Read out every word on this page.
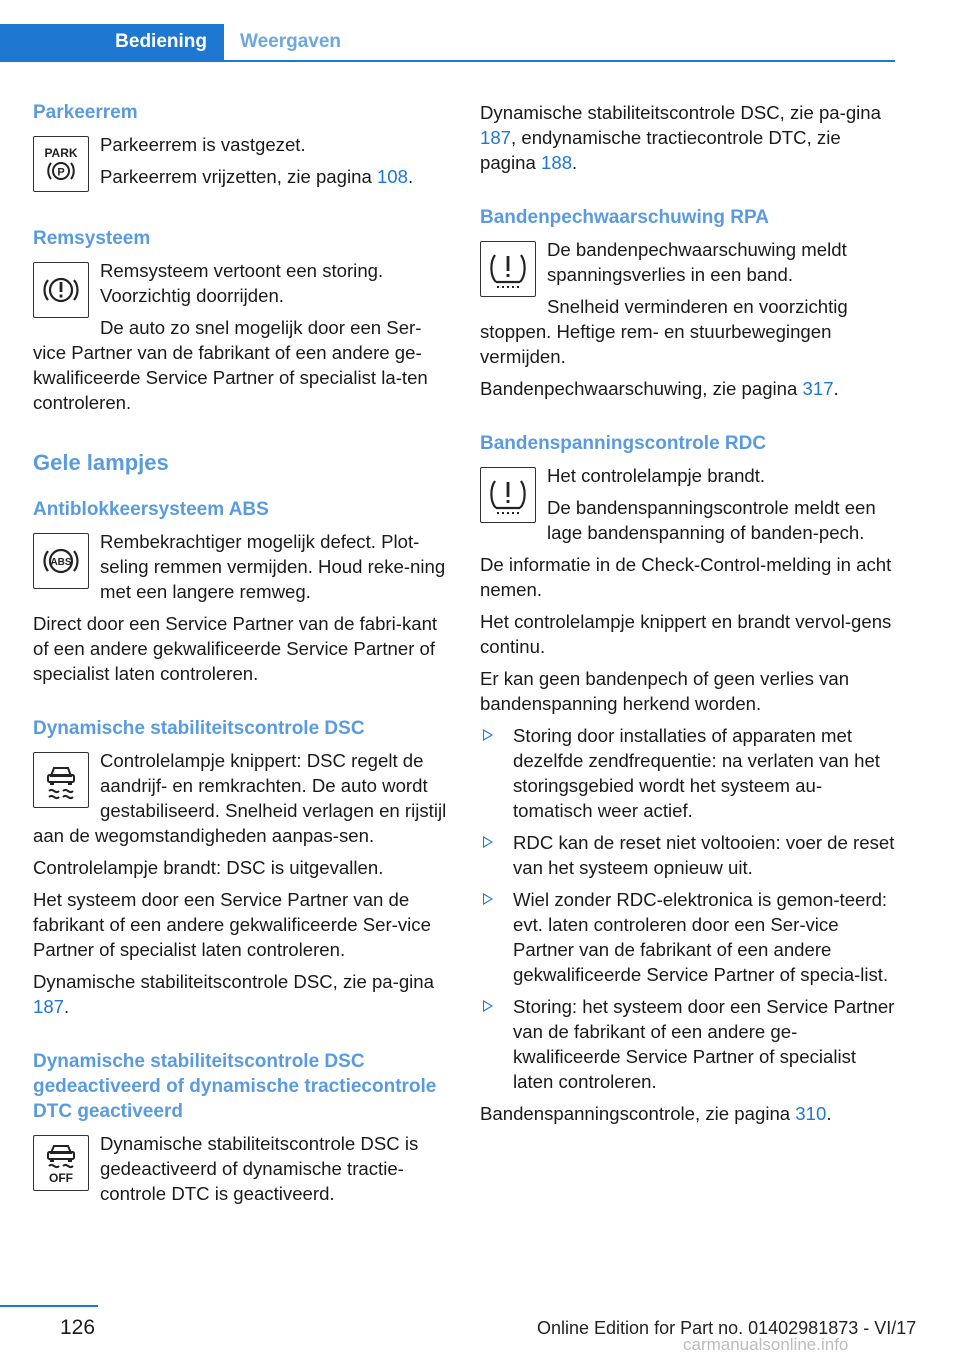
Bediening	Weergaven
Parkeerrem
PARK
P

Parkeerrem is vastgezet.

Parkeerrem vrijzetten, zie pagina 108.

Remsysteem

Remsysteem vertoont een storing. Voorzichtig doorrijden.

De auto zo snel mogelijk door een Ser‐vice Partner van de fabrikant of een andere ge‐kwalificeerde Service Partner of specialist la‐ten controleren.

Gele lampjes
Antiblokkeersysteem ABS
ABS

Rembekrachtiger mogelijk defect. Plot‐seling remmen vermijden. Houd reke‐ning met een langere remweg.

Direct door een Service Partner van de fabri‐kant of een andere gekwalificeerde Service Partner of specialist laten controleren.

Dynamische stabiliteitscontrole DSC

Controlelampje knippert: DSC regelt de aandrijf- en remkrachten. De auto wordt gestabiliseerd. Snelheid verlagen en rijstijl aan de wegomstandigheden aanpas‐sen.

Controlelampje brandt: DSC is uitgevallen.

Het systeem door een Service Partner van de fabrikant of een andere gekwalificeerde Ser‐vice Partner of specialist laten controleren.

Dynamische stabiliteitscontrole DSC, zie pa‐gina 187.

Dynamische stabiliteitscontrole DSC gedeactiveerd of dynamische tractiecontrole DTC geactiveerd
OFF

Dynamische stabiliteitscontrole DSC is gedeactiveerd of dynamische tractie‐controle DTC is geactiveerd.

Dynamische stabiliteitscontrole DSC, zie pa‐gina 187, endynamische tractiecontrole DTC, zie pagina 188.

Bandenpechwaarschuwing RPA

De bandenpechwaarschuwing meldt spanningsverlies in een band.

Snelheid verminderen en voorzichtig stoppen. Heftige rem- en stuurbewegingen vermijden.

Bandenpechwaarschuwing, zie pagina 317.

Bandenspanningscontrole RDC

Het controlelampje brandt.

De bandenspanningscontrole meldt een lage bandenspanning of banden‐pech.

De informatie in de Check-Control-melding in acht nemen.

Het controlelampje knippert en brandt vervol‐gens continu.

Er kan geen bandenpech of geen verlies van bandenspanning herkend worden.

Storing door installaties of apparaten met dezelfde zendfrequentie: na verlaten van het storingsgebied wordt het systeem au‐tomatisch weer actief.
RDC kan de reset niet voltooien: voer de reset van het systeem opnieuw uit.
Wiel zonder RDC-elektronica is gemon‐teerd: evt. laten controleren door een Ser‐vice Partner van de fabrikant of een andere gekwalificeerde Service Partner of specia‐list.
Storing: het systeem door een Service Partner van de fabrikant of een andere ge‐kwalificeerde Service Partner of specialist laten controleren.

Bandenspanningscontrole, zie pagina 310.

126	Online Edition for Part no. 01402981873 - VI/17
carmanualsonline.info
